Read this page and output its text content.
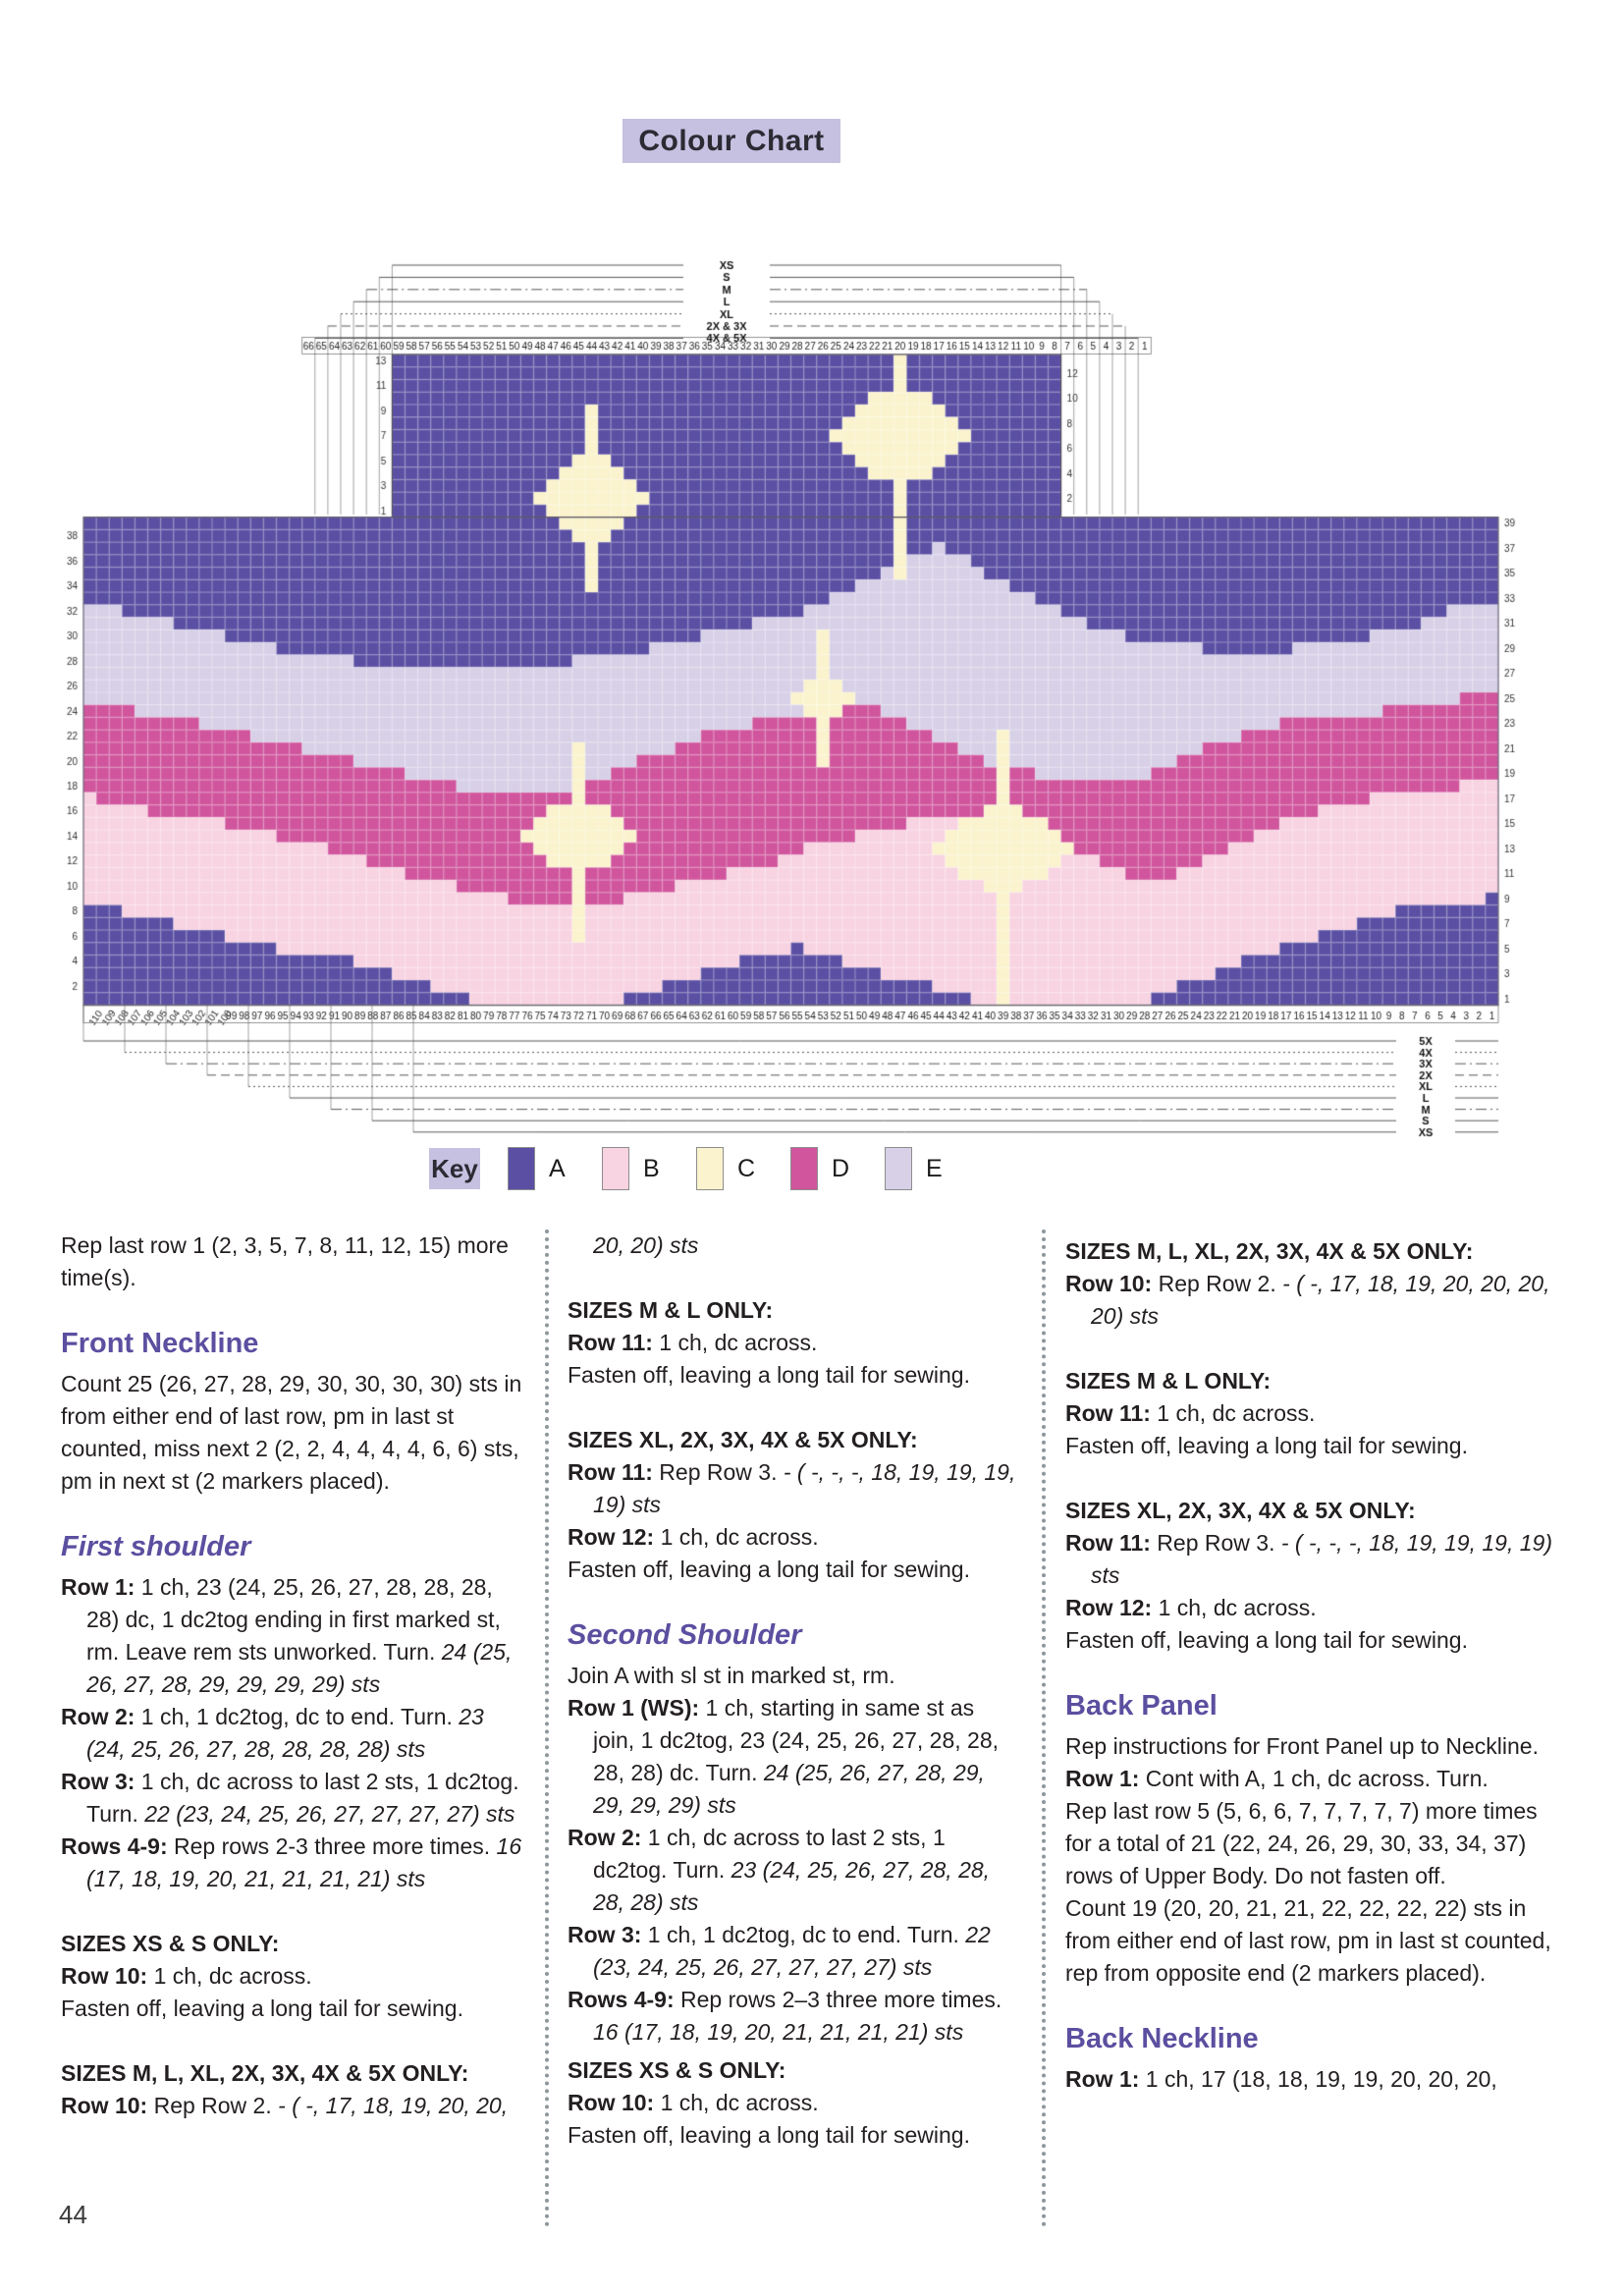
Colour Chart
Key	A	B	C	D	E
Rep last row 1 (2, 3, 5, 7, 8, 11, 12, 15) more time(s).
Front Neckline
Count 25 (26, 27, 28, 29, 30, 30, 30, 30) sts in from either end of last row, pm in last st counted, miss next 2 (2, 2, 4, 4, 4, 4, 6, 6) sts, pm in next st (2 markers placed).
First shoulder
Row 1: 1 ch, 23 (24, 25, 26, 27, 28, 28, 28, 28) dc, 1 dc2tog ending in first marked st, rm. Leave rem sts unworked. Turn. 24 (25, 26, 27, 28, 29, 29, 29, 29) sts
Row 2: 1 ch, 1 dc2tog, dc to end. Turn. 23 (24, 25, 26, 27, 28, 28, 28, 28) sts
Row 3: 1 ch, dc across to last 2 sts, 1 dc2tog. Turn. 22 (23, 24, 25, 26, 27, 27, 27, 27) sts
Rows 4-9: Rep rows 2-3 three more times. 16 (17, 18, 19, 20, 21, 21, 21, 21) sts
SIZES XS & S ONLY:
Row 10: 1 ch, dc across.
Fasten off, leaving a long tail for sewing.
SIZES M, L, XL, 2X, 3X, 4X & 5X ONLY:
Row 10: Rep Row 2. - ( -, 17, 18, 19, 20, 20,
20, 20) sts
SIZES M & L ONLY:
Row 11: 1 ch, dc across.
Fasten off, leaving a long tail for sewing.
SIZES XL, 2X, 3X, 4X & 5X ONLY:
Row 11: Rep Row 3. - ( -, -, -, 18, 19, 19, 19, 19) sts
Row 12: 1 ch, dc across.
Fasten off, leaving a long tail for sewing.
Second Shoulder
Join A with sl st in marked st, rm.
Row 1 (WS): 1 ch, starting in same st as join, 1 dc2tog, 23 (24, 25, 26, 27, 28, 28, 28, 28) dc. Turn. 24 (25, 26, 27, 28, 29, 29, 29, 29) sts
Row 2: 1 ch, dc across to last 2 sts, 1 dc2tog. Turn. 23 (24, 25, 26, 27, 28, 28, 28, 28) sts
Row 3: 1 ch, 1 dc2tog, dc to end. Turn. 22 (23, 24, 25, 26, 27, 27, 27, 27) sts
Rows 4-9: Rep rows 2–3 three more times. 16 (17, 18, 19, 20, 21, 21, 21, 21) sts
SIZES XS & S ONLY:
Row 10: 1 ch, dc across.
Fasten off, leaving a long tail for sewing.
SIZES M, L, XL, 2X, 3X, 4X & 5X ONLY:
Row 10: Rep Row 2. - ( -, 17, 18, 19, 20, 20, 20, 20) sts
SIZES M & L ONLY:
Row 11: 1 ch, dc across.
Fasten off, leaving a long tail for sewing.
SIZES XL, 2X, 3X, 4X & 5X ONLY:
Row 11: Rep Row 3. - ( -, -, -, 18, 19, 19, 19, 19) sts
Row 12: 1 ch, dc across.
Fasten off, leaving a long tail for sewing.
Back Panel
Rep instructions for Front Panel up to Neckline.
Row 1: Cont with A, 1 ch, dc across. Turn.
Rep last row 5 (5, 6, 6, 7, 7, 7, 7, 7) more times for a total of 21 (22, 24, 26, 29, 30, 33, 34, 37) rows of Upper Body. Do not fasten off.
Count 19 (20, 20, 21, 21, 22, 22, 22, 22) sts in from either end of last row, pm in last st counted, rep from opposite end (2 markers placed).
Back Neckline
Row 1: 1 ch, 17 (18, 18, 19, 19, 20, 20, 20,
44
